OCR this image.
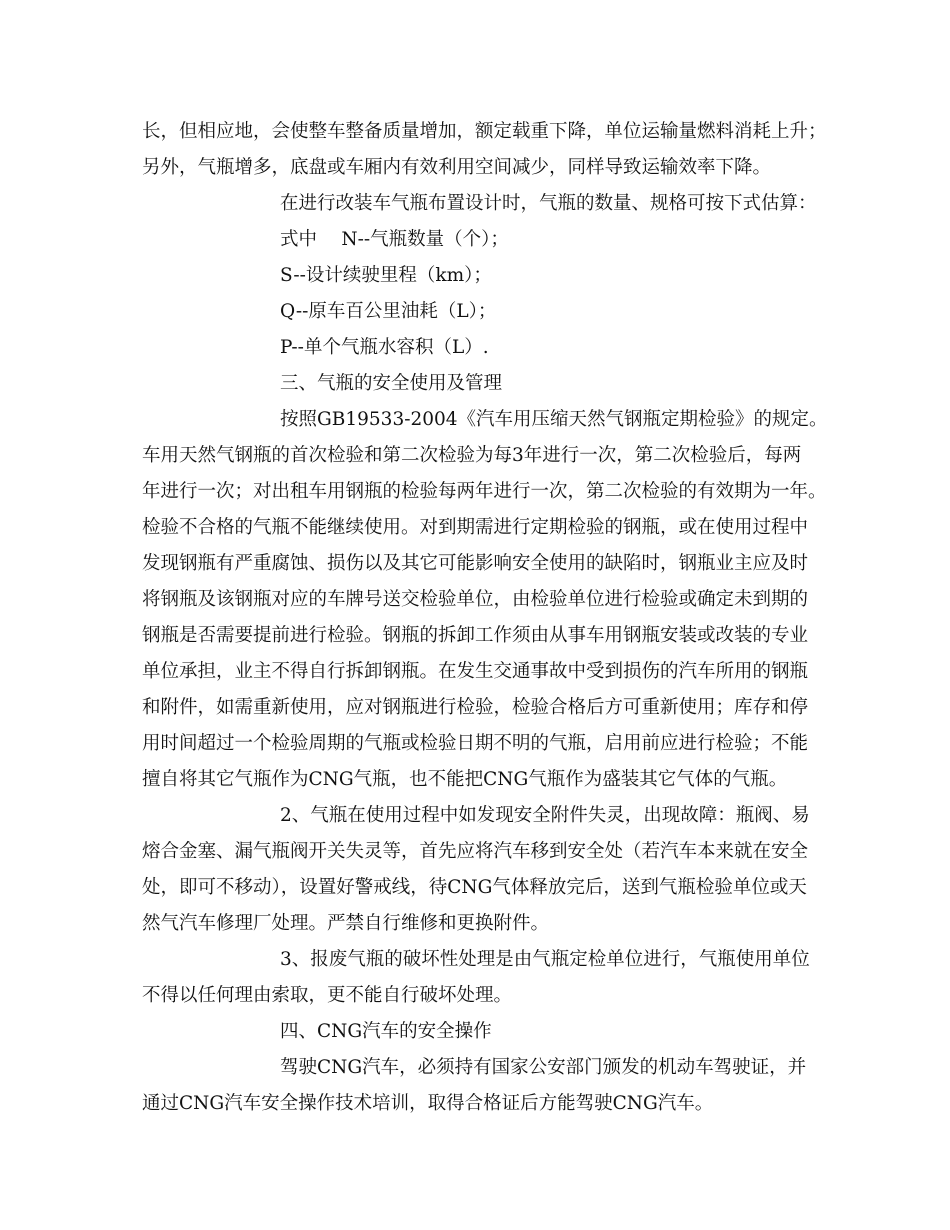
长，但相应地，会使整车整备质量增加，额定载重下降，单位运输量燃料消耗上升；
另外，气瓶增多，底盘或车厢内有效利用空间减少，同样导致运输效率下降。
在进行改装车气瓶布置设计时，气瓶的数量、规格可按下式估算：
式中　 N--气瓶数量（个）；
S--设计续驶里程（km）；
Q--原车百公里油耗（L）；
P--单个气瓶水容积（L）.
三、气瓶的安全使用及管理
按照GB19533-2004《汽车用压缩天然气钢瓶定期检验》的规定。
车用天然气钢瓶的首次检验和第二次检验为每3年进行一次，第二次检验后，每两
年进行一次；对出租车用钢瓶的检验每两年进行一次，第二次检验的有效期为一年。
检验不合格的气瓶不能继续使用。对到期需进行定期检验的钢瓶，或在使用过程中
发现钢瓶有严重腐蚀、损伤以及其它可能影响安全使用的缺陷时，钢瓶业主应及时
将钢瓶及该钢瓶对应的车牌号送交检验单位，由检验单位进行检验或确定未到期的
钢瓶是否需要提前进行检验。钢瓶的拆卸工作须由从事车用钢瓶安装或改装的专业
单位承担，业主不得自行拆卸钢瓶。在发生交通事故中受到损伤的汽车所用的钢瓶
和附件，如需重新使用，应对钢瓶进行检验，检验合格后方可重新使用；库存和停
用时间超过一个检验周期的气瓶或检验日期不明的气瓶，启用前应进行检验；不能
擅自将其它气瓶作为CNG气瓶，也不能把CNG气瓶作为盛装其它气体的气瓶。
2、气瓶在使用过程中如发现安全附件失灵，出现故障：瓶阀、易
熔合金塞、漏气瓶阀开关失灵等，首先应将汽车移到安全处（若汽车本来就在安全
处，即可不移动），设置好警戒线，待CNG气体释放完后，送到气瓶检验单位或天
然气汽车修理厂处理。严禁自行维修和更换附件。
3、报废气瓶的破坏性处理是由气瓶定检单位进行，气瓶使用单位
不得以任何理由索取，更不能自行破坏处理。
四、CNG汽车的安全操作
驾驶CNG汽车，必须持有国家公安部门颁发的机动车驾驶证，并
通过CNG汽车安全操作技术培训，取得合格证后方能驾驶CNG汽车。
